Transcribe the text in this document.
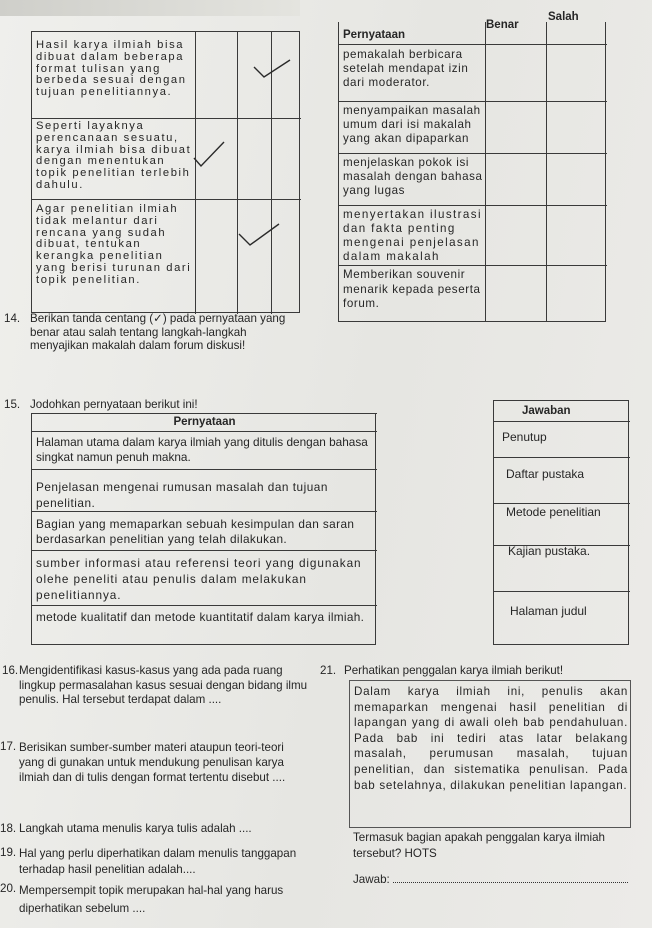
Hasil karya ilmiah bisa dibuat dalam beberapa format tulisan yang berbeda sesuai dengan tujuan penelitiannya.
Seperti layaknya perencanaan sesuatu, karya ilmiah bisa dibuat dengan menentukan topik penelitian terlebih dahulu.
Agar penelitian ilmiah tidak melantur dari rencana yang sudah dibuat, tentukan kerangka penelitian yang berisi turunan dari topik penelitian.
Benar
Salah
Pernyataan
pemakalah berbicara setelah mendapat izin dari moderator.
menyampaikan masalah umum dari isi makalah yang akan dipaparkan
menjelaskan pokok isi masalah dengan bahasa yang lugas
menyertakan ilustrasi dan fakta penting mengenai penjelasan dalam makalah
Memberikan souvenir menarik kepada peserta forum.
14. Berikan tanda centang (✓) pada pernyataan yang benar atau salah tentang langkah-langkah menyajikan makalah dalam forum diskusi!
15. Jodohkan pernyataan berikut ini!
Pernyataan
Halaman utama dalam karya ilmiah yang ditulis dengan bahasa singkat namun penuh makna.
Penjelasan mengenai rumusan masalah dan tujuan penelitian.
Bagian yang memaparkan sebuah kesimpulan dan saran berdasarkan penelitian yang telah dilakukan.
sumber informasi atau referensi teori yang digunakan olehe peneliti atau penulis dalam melakukan penelitiannya.
metode kualitatif dan metode kuantitatif dalam karya ilmiah.
Jawaban
Penutup
Daftar pustaka
Metode penelitian
Kajian pustaka.
Halaman judul
16. Mengidentifikasi kasus-kasus yang ada pada ruang lingkup permasalahan kasus sesuai dengan bidang ilmu penulis. Hal tersebut terdapat dalam ....
17. Berisikan sumber-sumber materi ataupun teori-teori yang di gunakan untuk mendukung penulisan karya ilmiah dan di tulis dengan format tertentu disebut ....
18. Langkah utama menulis karya tulis adalah ....
19. Hal yang perlu diperhatikan dalam menulis tanggapan terhadap hasil penelitian adalah....
20. Mempersempit topik merupakan hal-hal yang harus diperhatikan sebelum ....
21. Perhatikan penggalan karya ilmiah berikut!
Dalam karya ilmiah ini, penulis akan memaparkan mengenai hasil penelitian di lapangan yang di awali oleh bab pendahuluan. Pada bab ini tediri atas latar belakang masalah, perumusan masalah, tujuan penelitian, dan sistematika penulisan. Pada bab setelahnya, dilakukan penelitian lapangan.
Termasuk bagian apakah penggalan karya ilmiah tersebut? HOTS
Jawab:
